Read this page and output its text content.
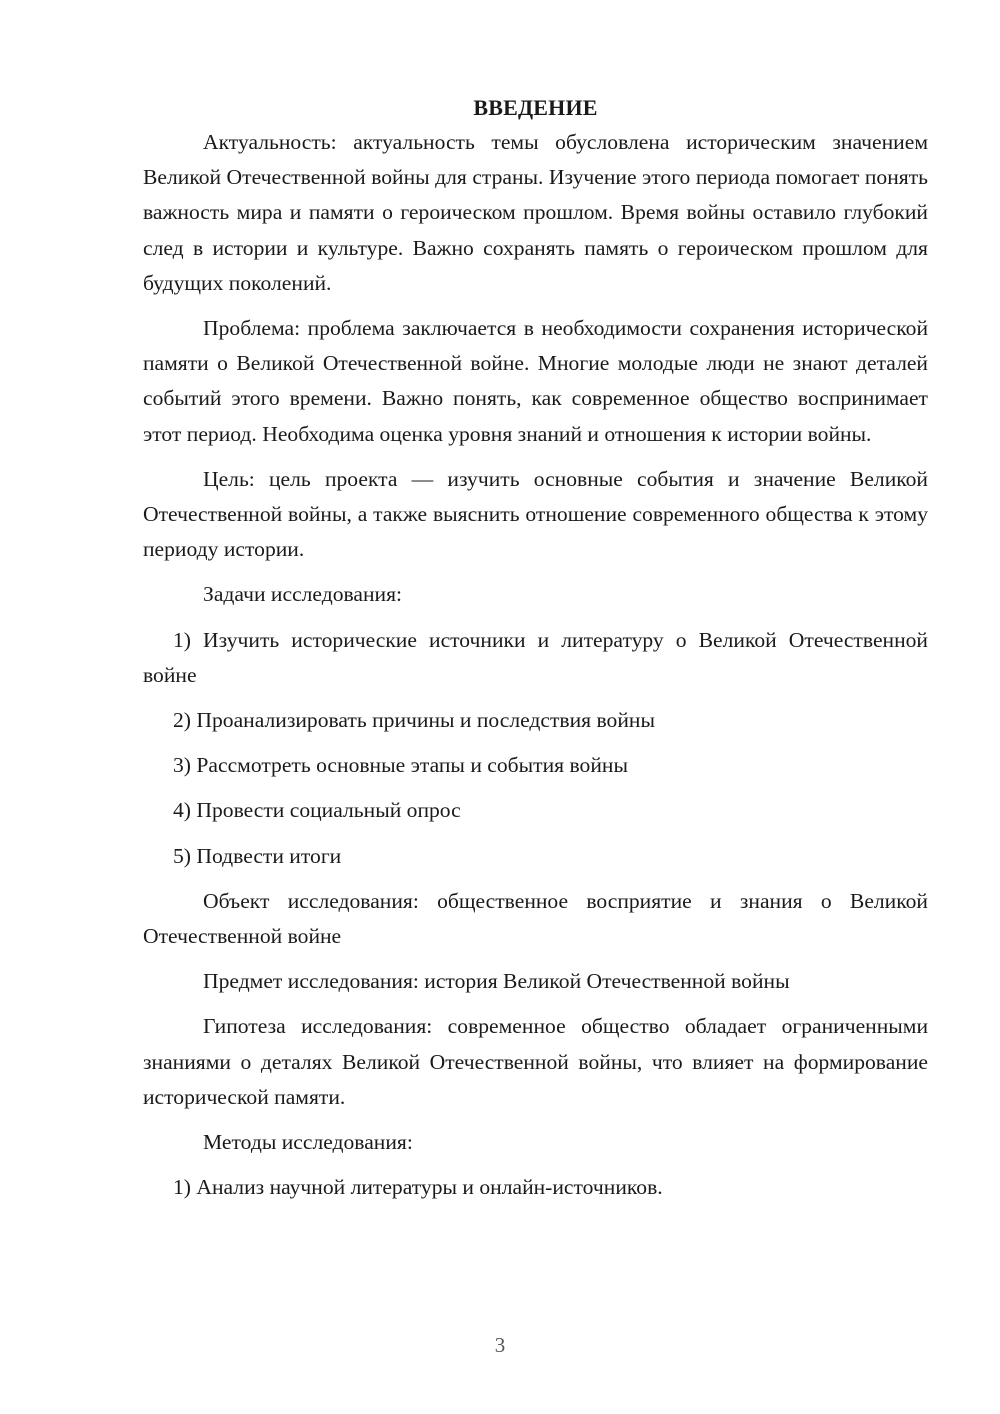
ВВЕДЕНИЕ

Актуальность: актуальность темы обусловлена историческим значением Великой Отечественной войны для страны. Изучение этого периода помогает понять важность мира и памяти о героическом прошлом. Время войны оставило глубокий след в истории и культуре. Важно сохранять память о героическом прошлом для будущих поколений.

Проблема: проблема заключается в необходимости сохранения исторической памяти о Великой Отечественной войне. Многие молодые люди не знают деталей событий этого времени. Важно понять, как современное общество воспринимает этот период. Необходима оценка уровня знаний и отношения к истории войны.

Цель: цель проекта — изучить основные события и значение Великой Отечественной войны, а также выяснить отношение современного общества к этому периоду истории.

Задачи исследования:

1) Изучить исторические источники и литературу о Великой Отечественной войне

2) Проанализировать причины и последствия войны

3) Рассмотреть основные этапы и события войны

4) Провести социальный опрос

5) Подвести итоги

Объект исследования: общественное восприятие и знания о Великой Отечественной войне

Предмет исследования: история Великой Отечественной войны

Гипотеза исследования: современное общество обладает ограниченными знаниями о деталях Великой Отечественной войны, что влияет на формирование исторической памяти.

Методы исследования:

1) Анализ научной литературы и онлайн-источников.

3
